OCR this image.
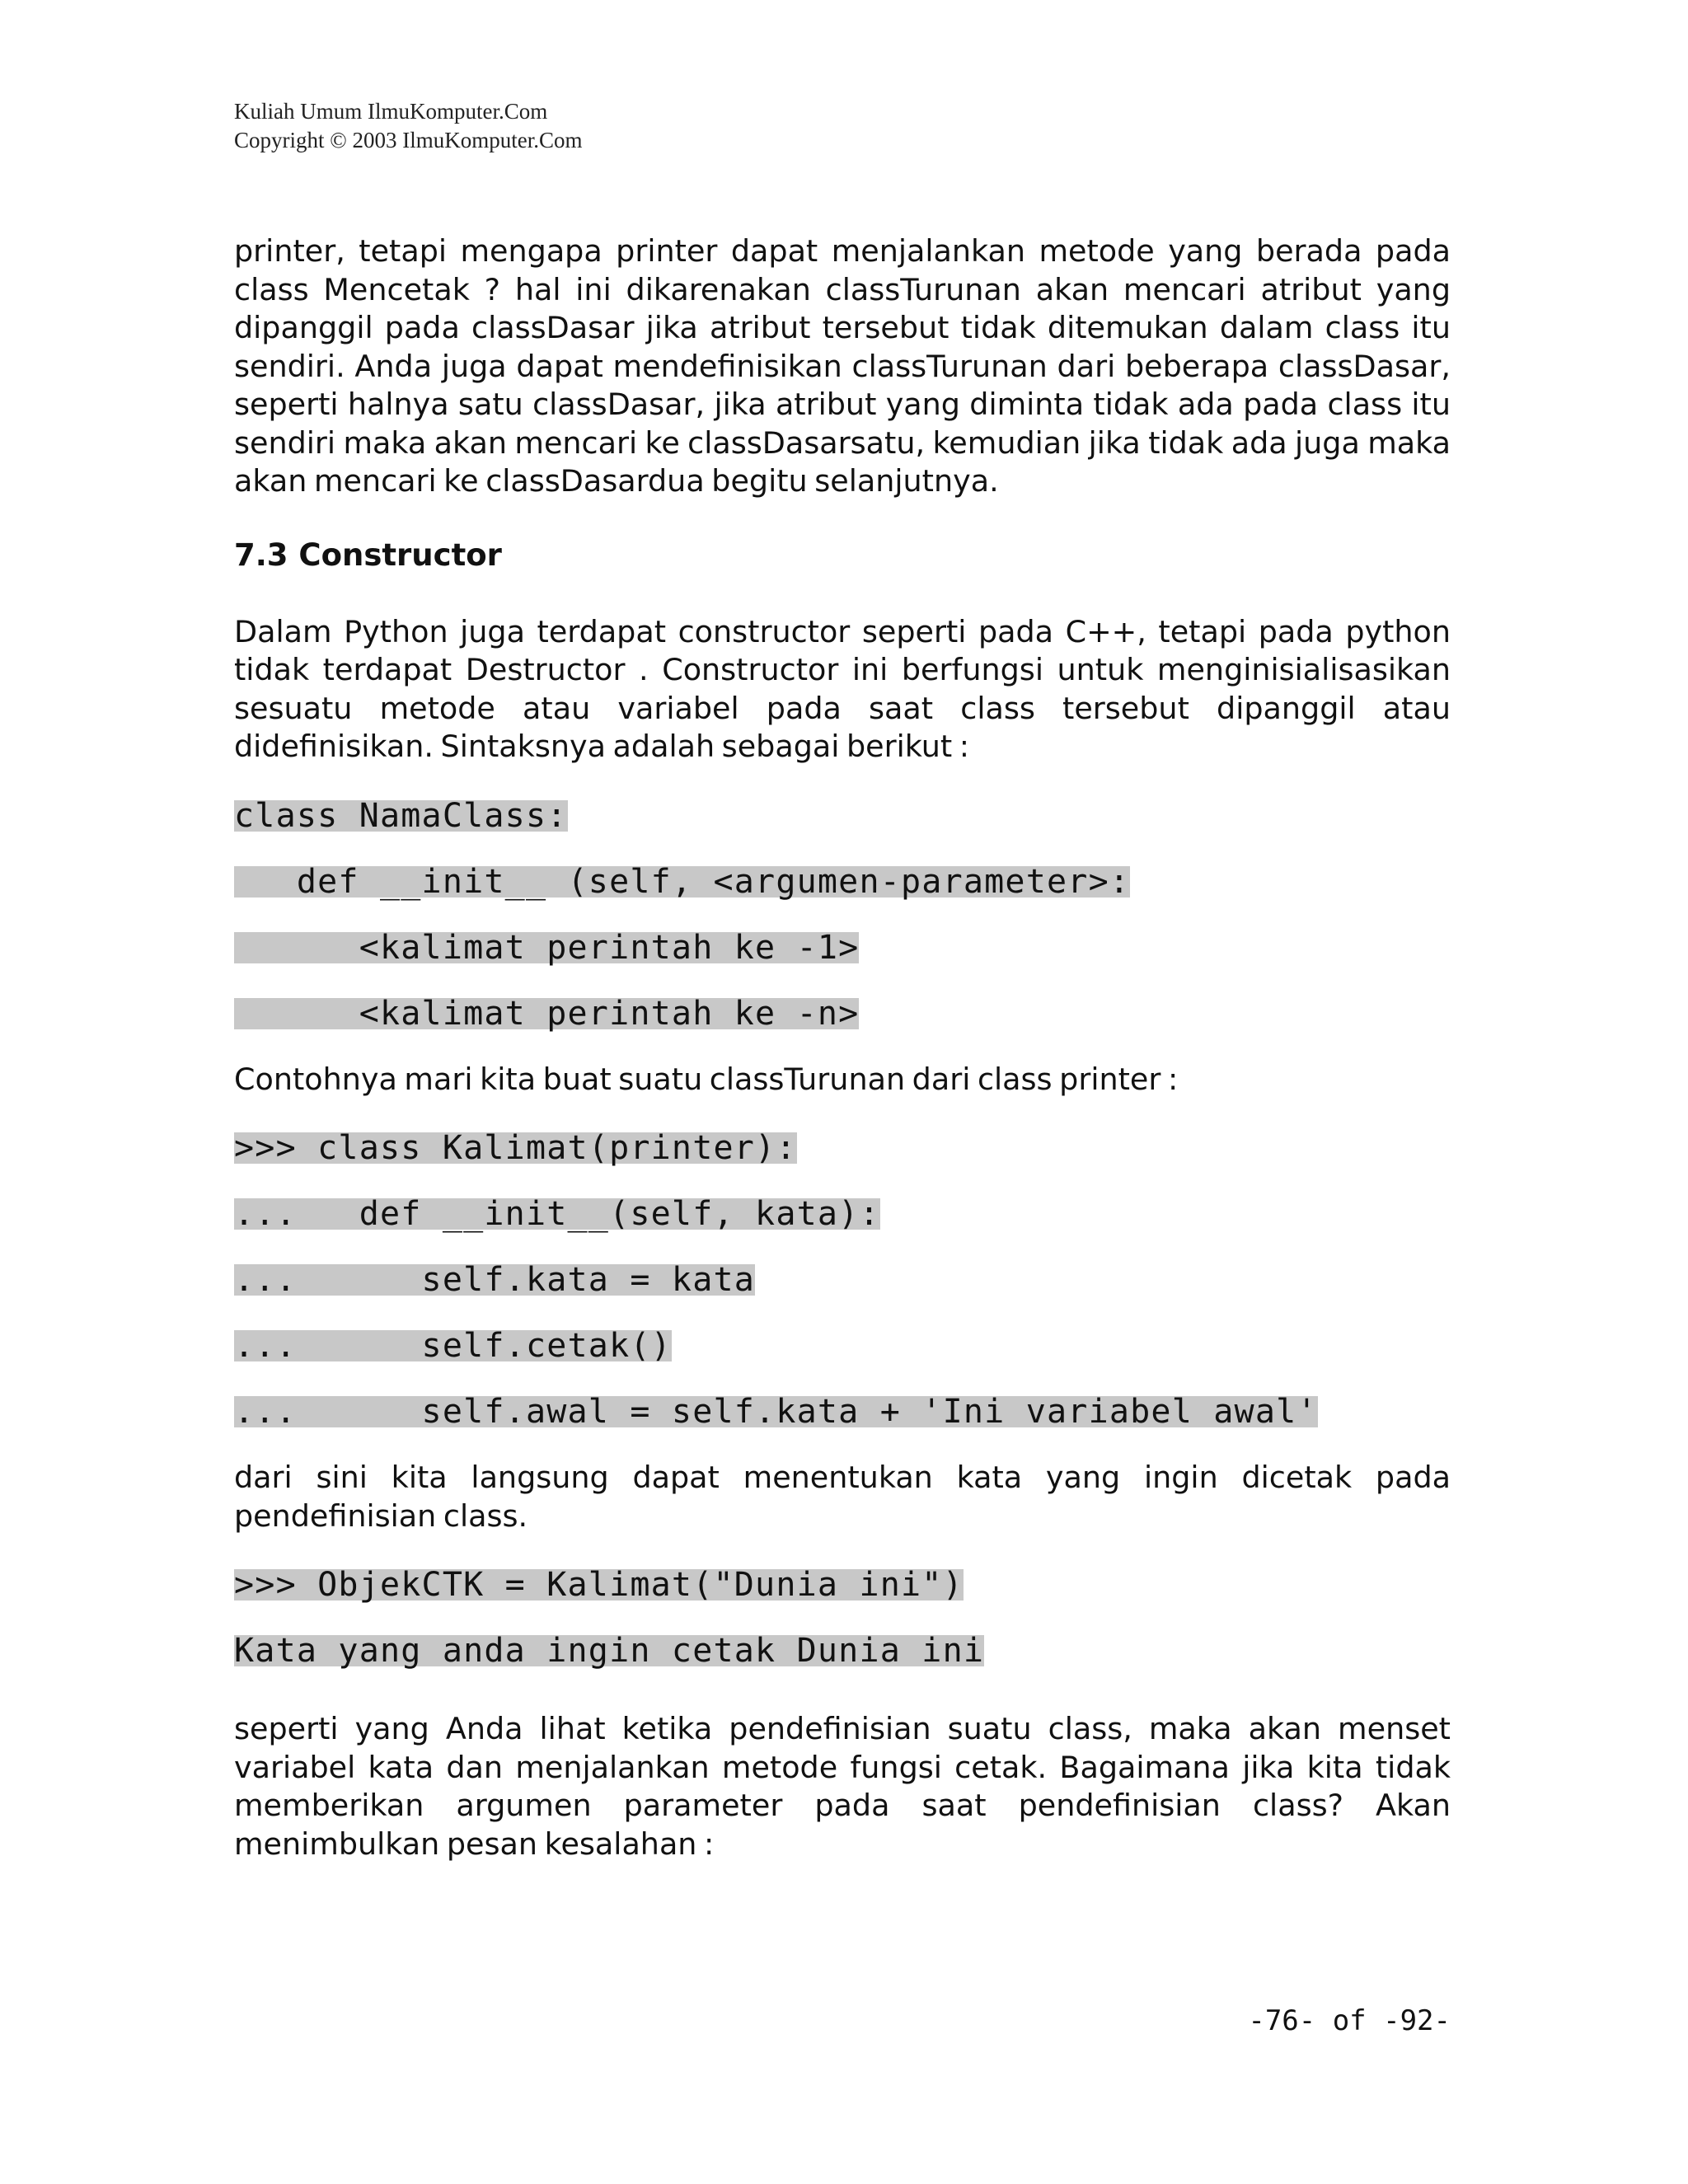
Kuliah Umum IlmuKomputer.Com
Copyright © 2003 IlmuKomputer.Com

printer, tetapi mengapa printer dapat menjalankan metode yang berada pada class Mencetak ? hal ini dikarenakan classTurunan akan mencari atribut yang dipanggil pada classDasar jika atribut tersebut tidak ditemukan dalam class itu sendiri. Anda juga dapat mendefinisikan classTurunan dari beberapa classDasar, seperti halnya satu classDasar, jika atribut yang diminta tidak ada pada class itu sendiri maka akan mencari ke classDasarsatu, kemudian jika tidak ada juga maka akan mencari ke classDasardua begitu selanjutnya.

7.3 Constructor

Dalam Python juga terdapat constructor seperti pada C++, tetapi pada python tidak terdapat Destructor . Constructor ini berfungsi untuk menginisialisasikan sesuatu metode atau variabel pada saat class tersebut dipanggil atau didefinisikan. Sintaksnya adalah sebagai berikut :

class NamaClass:
def __init__ (self, <argumen-parameter>:
<kalimat perintah ke -1>
<kalimat perintah ke -n>

Contohnya mari kita buat suatu classTurunan dari class printer :

>>> class Kalimat(printer):
...   def __init__(self, kata):
...      self.kata = kata
...      self.cetak()
...      self.awal = self.kata + 'Ini variabel awal'

dari sini kita langsung dapat menentukan kata yang ingin dicetak pada pendefinisian class.

>>> ObjekCTK = Kalimat("Dunia ini")
Kata yang anda ingin cetak Dunia ini

seperti yang Anda lihat ketika pendefinisian suatu class, maka akan menset variabel kata dan menjalankan metode fungsi cetak. Bagaimana jika kita tidak memberikan argumen parameter pada saat pendefinisian class? Akan menimbulkan pesan kesalahan :

-76- of -92-
